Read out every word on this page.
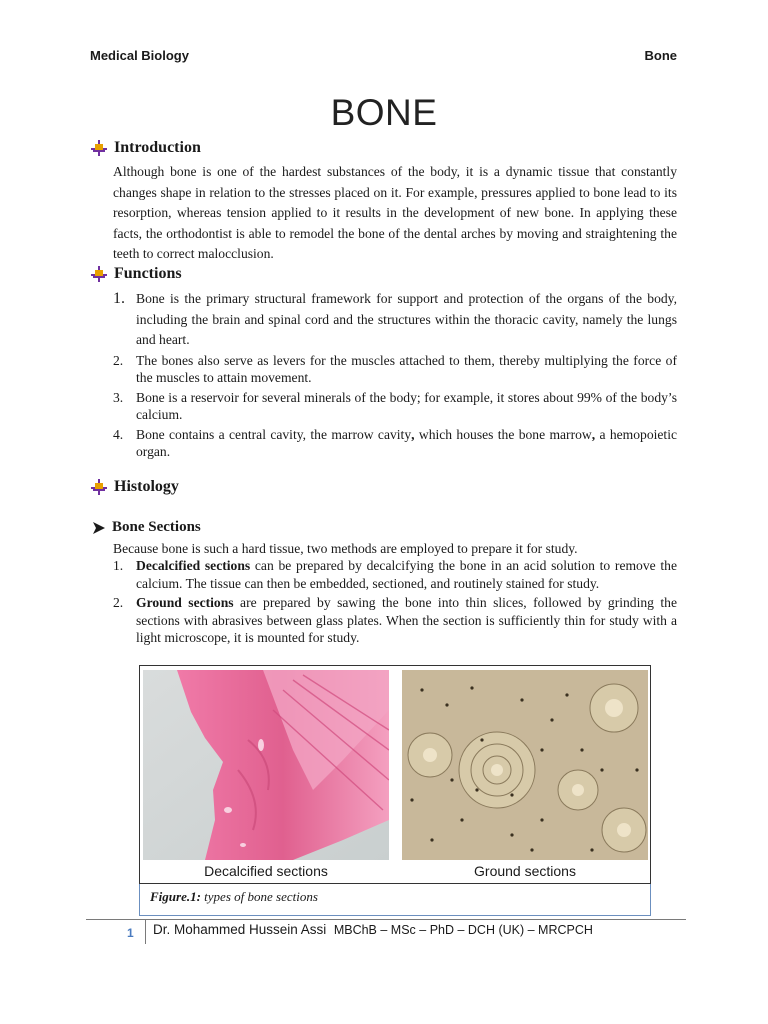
Medical Biology	Bone
BONE
Introduction
Although bone is one of the hardest substances of the body, it is a dynamic tissue that constantly changes shape in relation to the stresses placed on it. For example, pressures applied to bone lead to its resorption, whereas tension applied to it results in the development of new bone. In applying these facts, the orthodontist is able to remodel the bone of the dental arches by moving and straightening the teeth to correct malocclusion.
Functions
1. Bone is the primary structural framework for support and protection of the organs of the body, including the brain and spinal cord and the structures within the thoracic cavity, namely the lungs and heart.
2. The bones also serve as levers for the muscles attached to them, thereby multiplying the force of the muscles to attain movement.
3. Bone is a reservoir for several minerals of the body; for example, it stores about 99% of the body’s calcium.
4. Bone contains a central cavity, the marrow cavity, which houses the bone marrow, a hemopoietic organ.
Histology
Bone Sections
Because bone is such a hard tissue, two methods are employed to prepare it for study.
1. Decalcified sections can be prepared by decalcifying the bone in an acid solution to remove the calcium. The tissue can then be embedded, sectioned, and routinely stained for study.
2. Ground sections are prepared by sawing the bone into thin slices, followed by grinding the sections with abrasives between glass plates. When the section is sufficiently thin for study with a light microscope, it is mounted for study.
Decalcified sections	Ground sections
Figure.1: types of bone sections
1 Dr. Mohammed Hussein Assi MBChB – MSc – PhD – DCH (UK) – MRCPCH
